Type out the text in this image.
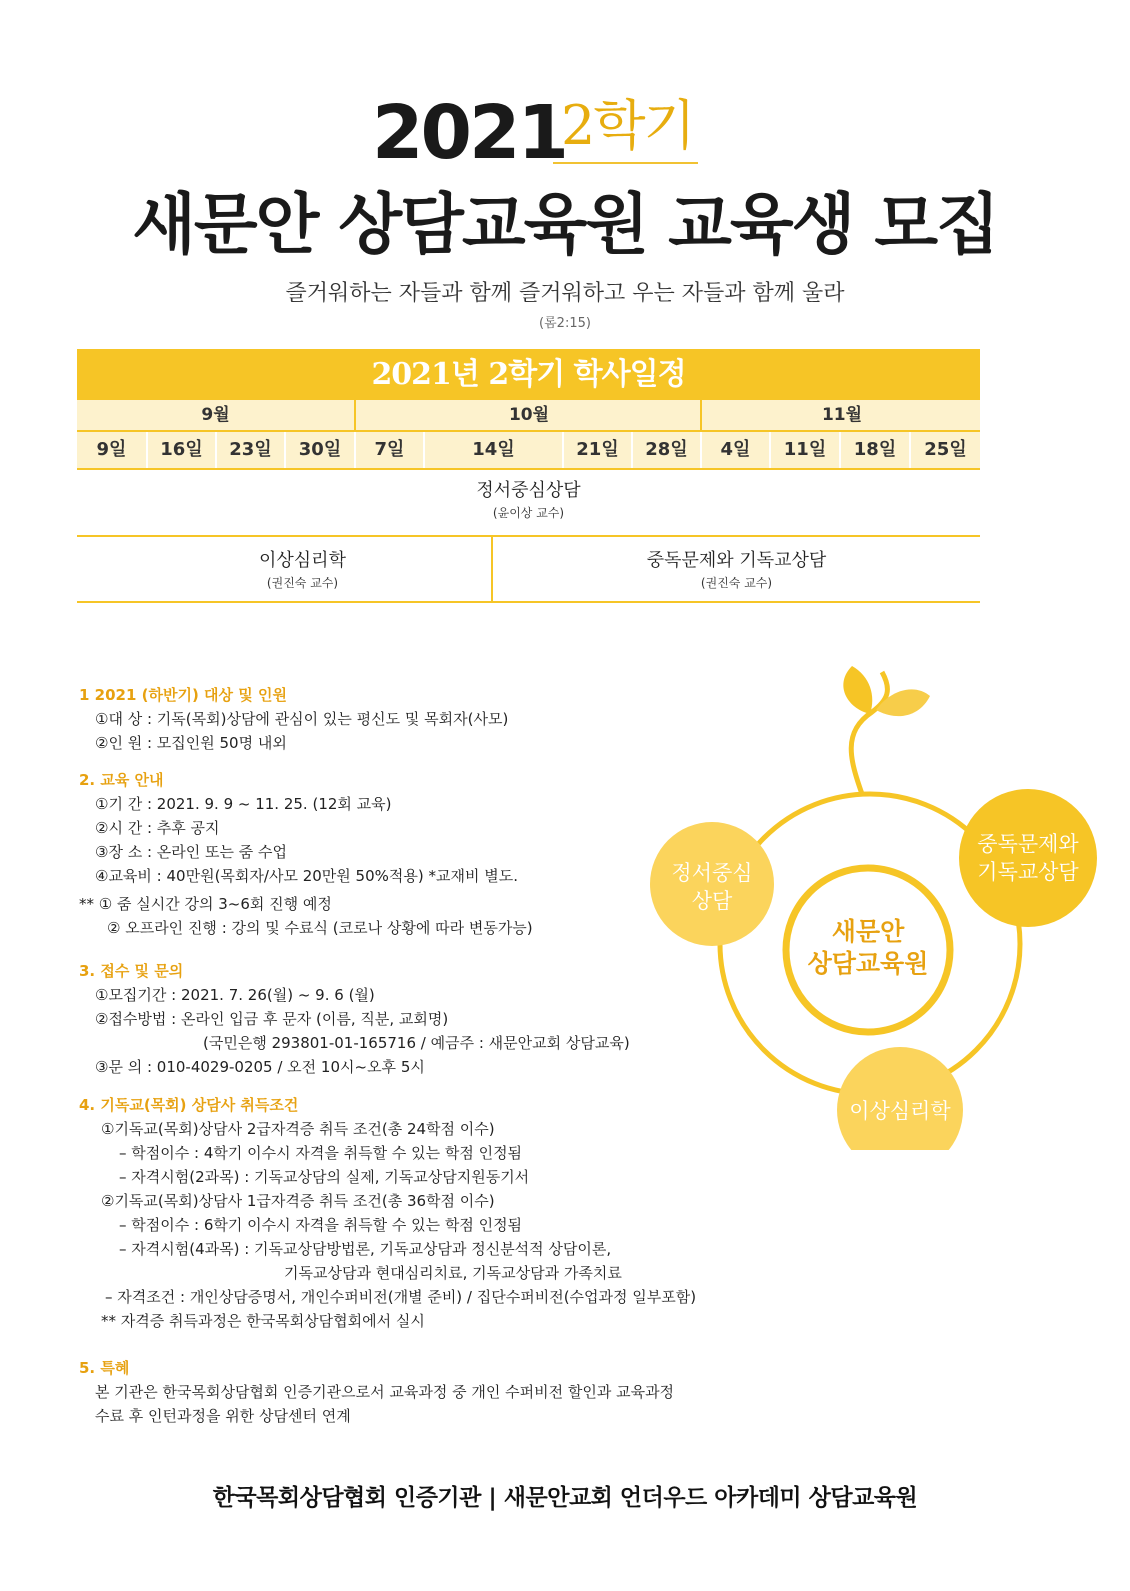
2021
2학기
새문안 상담교육원 교육생 모집
즐거워하는 자들과 함께 즐거워하고 우는 자들과 함께 울라
(롬2:15)
2021년 2학기 학사일정
9월	10월	11월
9일	16일	23일	30일	7일	14일	21일	28일	4일	11일	18일	25일
정서중심상담
(윤이상 교수)
이상심리학
(권진숙 교수)
중독문제와 기독교상담
(권진숙 교수)
1 2021 (하반기) 대상 및 인원
①대 상 : 기독(목회)상담에 관심이 있는 평신도 및 목회자(사모)
②인 원 : 모집인원 50명 내외
2. 교육 안내
①기 간 : 2021. 9. 9 ~ 11. 25. (12회 교육)
②시 간 : 추후 공지
③장 소 : 온라인 또는 줌 수업
④교육비 : 40만원(목회자/사모 20만원 50%적용) *교재비 별도.
** ① 줌 실시간 강의 3~6회 진행 예정
② 오프라인 진행 : 강의 및 수료식 (코로나 상황에 따라 변동가능)
3. 접수 및 문의
①모집기간 : 2021. 7. 26(월) ~ 9. 6 (월)
②접수방법 : 온라인 입금 후 문자 (이름, 직분, 교회명)
(국민은행 293801-01-165716 / 예금주 : 새문안교회 상담교육)
③문 의 : 010-4029-0205 / 오전 10시~오후 5시
4. 기독교(목회) 상담사 취득조건
①기독교(목회)상담사 2급자격증 취득 조건(총 24학점 이수)
– 학점이수 : 4학기 이수시 자격을 취득할 수 있는 학점 인정됨
– 자격시험(2과목) : 기독교상담의 실제, 기독교상담지원동기서
②기독교(목회)상담사 1급자격증 취득 조건(총 36학점 이수)
– 학점이수 : 6학기 이수시 자격을 취득할 수 있는 학점 인정됨
– 자격시험(4과목) : 기독교상담방법론, 기독교상담과 정신분석적 상담이론,
기독교상담과 현대심리치료, 기독교상담과 가족치료
– 자격조건 : 개인상담증명서, 개인수퍼비전(개별 준비) / 집단수퍼비전(수업과정 일부포함)
** 자격증 취득과정은 한국목회상담협회에서 실시
5. 특혜
본 기관은 한국목회상담협회 인증기관으로서 교육과정 중 개인 수퍼비전 할인과 교육과정
수료 후 인턴과정을 위한 상담센터 연계
새문안
상담교육원
정서중심
상담
중독문제와
기독교상담
이상심리학
한국목회상담협회 인증기관 | 새문안교회 언더우드 아카데미 상담교육원
